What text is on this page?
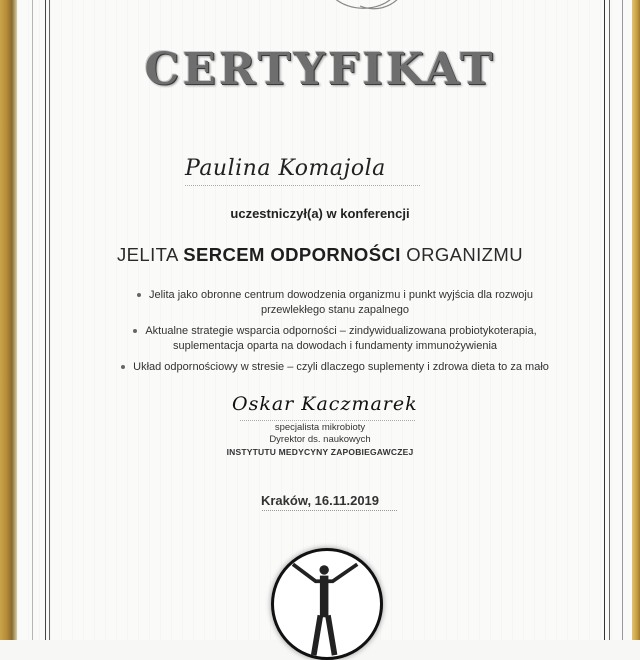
CERTYFIKAT
Paulina Komajola
uczestniczył(a) w konferencji
JELITA SERCEM ODPORNOŚCI ORGANIZMU
Jelita jako obronne centrum dowodzenia organizmu i punkt wyjścia dla rozwoju
przewlekłego stanu zapalnego
Aktualne strategie wsparcia odporności – zindywidualizowana probiotykoterapia,
suplementacja oparta na dowodach i fundamenty immunożywienia
Układ odpornościowy w stresie – czyli dlaczego suplementy i zdrowa dieta to za mało
Oskar Kaczmarek
specjalista mikrobioty
Dyrektor ds. naukowych
INSTYTUTU MEDYCYNY ZAPOBIEGAWCZEJ
Kraków, 16.11.2019
